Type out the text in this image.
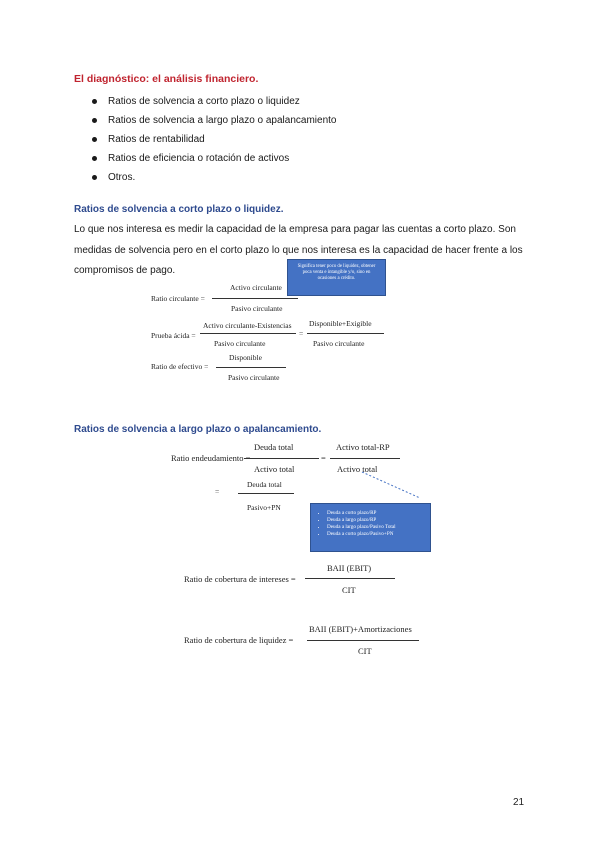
El diagnóstico: el análisis financiero.
Ratios de solvencia a corto plazo o liquidez
Ratios de solvencia a largo plazo o apalancamiento
Ratios de rentabilidad
Ratios de eficiencia o rotación de activos
Otros.
Ratios de solvencia a corto plazo o liquidez.

Lo que nos interesa es medir la capacidad de la empresa para pagar las cuentas a corto plazo. Son medidas de solvencia pero en el corto plazo lo que nos interesa es la capacidad de hacer frente a los compromisos de pago.	Significa tener poco de liquidez, obtener poca venta e intangible y/o, sino en ocasiones a crédito.
Ratio circulante =
Activo circulante
Pasivo circulante
Prueba ácida =
Activo circulante-Existencias
Pasivo circulante
=
Disponible+Exigible
Pasivo circulante
Ratio de efectivo =
Disponible
Pasivo circulante
Ratios de solvencia a largo plazo o apalancamiento.
Ratio endeudamiento =
Deuda total
Activo total
=
Activo total-RP
Activo total
=
Deuda total
Pasivo+PN
• Deuda a corto plazo/RP
• Deuda a largo plazo/RP
• Deuda a largo plazo/Pasivo Total
• Deuda a corto plazo/Pasivo+PN
Ratio de cobertura de intereses =
BAII (EBIT)
CIT
Ratio de cobertura de liquidez =
BAII (EBIT)+Amortizaciones
CIT
21
